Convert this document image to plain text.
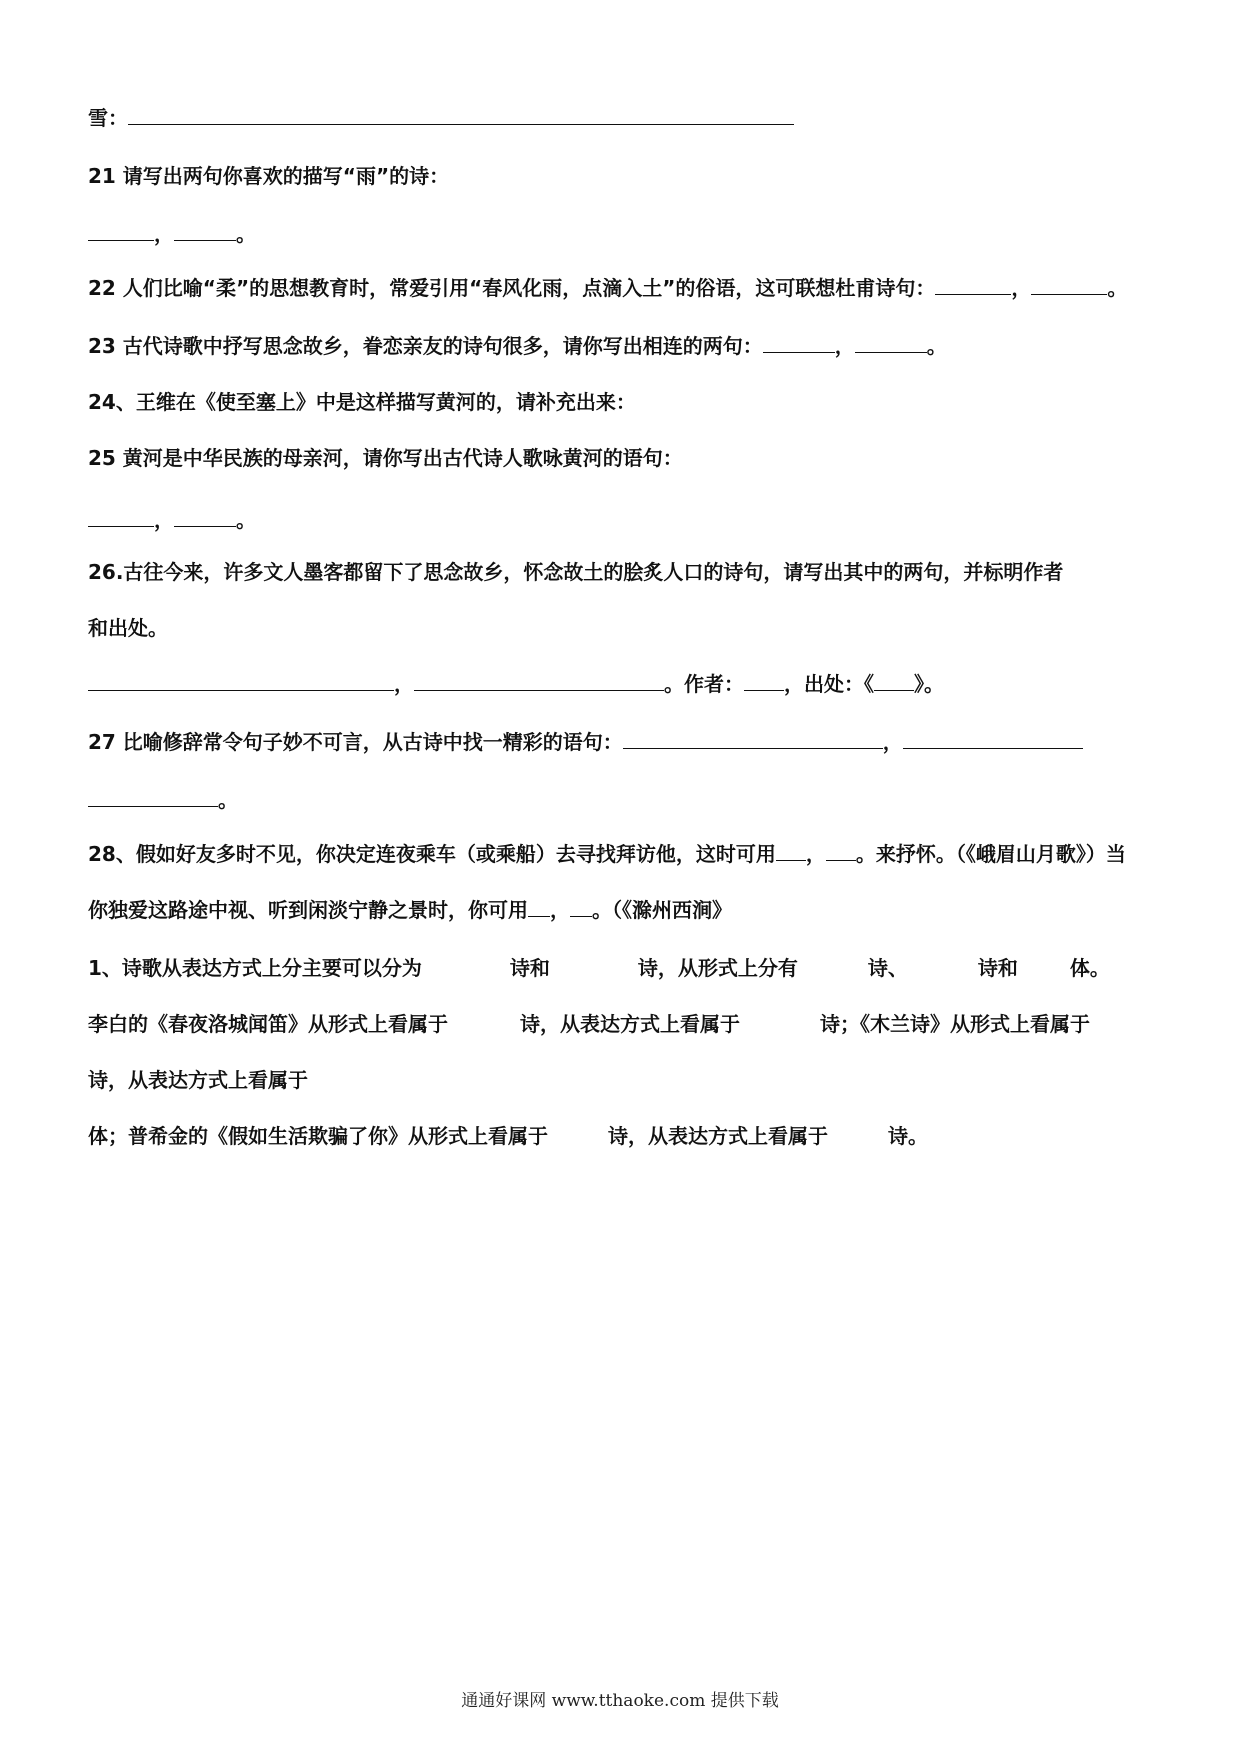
雪：
21 请写出两句你喜欢的描写“雨”的诗：
，	。
22 人们比喻“柔”的思想教育时，常爱引用“春风化雨，点滴入土”的俗语，这可联想杜甫诗句：	，	。
23 古代诗歌中抒写思念故乡，眷恋亲友的诗句很多，请你写出相连的两句：	，	。
24、王维在《使至塞上》中是这样描写黄河的，请补充出来：
25 黄河是中华民族的母亲河，请你写出古代诗人歌咏黄河的语句：
，	。
26.古往今来，许多文人墨客都留下了思念故乡，怀念故土的脍炙人口的诗句，请写出其中的两句，并标明作者
和出处。
，	。作者： ，出处：《 》。
27 比喻修辞常令句子妙不可言，从古诗中找一精彩的语句：	，
。
28、假如好友多时不见，你决定连夜乘车（或乘船）去寻找拜访他，这时可用 ， 。来抒怀。（《峨眉山月歌》）当
你独爱这路途中视、听到闲淡宁静之景时，你可用 ， 。（《滁州西涧》
1、诗歌从表达方式上分主要可以分为	诗和	诗，从形式上分有	诗、	诗和	体。
李白的《春夜洛城闻笛》从形式上看属于	诗，从表达方式上看属于	诗；《木兰诗》从形式上看属于
诗，从表达方式上看属于
体；普希金的《假如生活欺骗了你》从形式上看属于	诗，从表达方式上看属于	诗。
通通好课网 www.tthaoke.com 提供下载
